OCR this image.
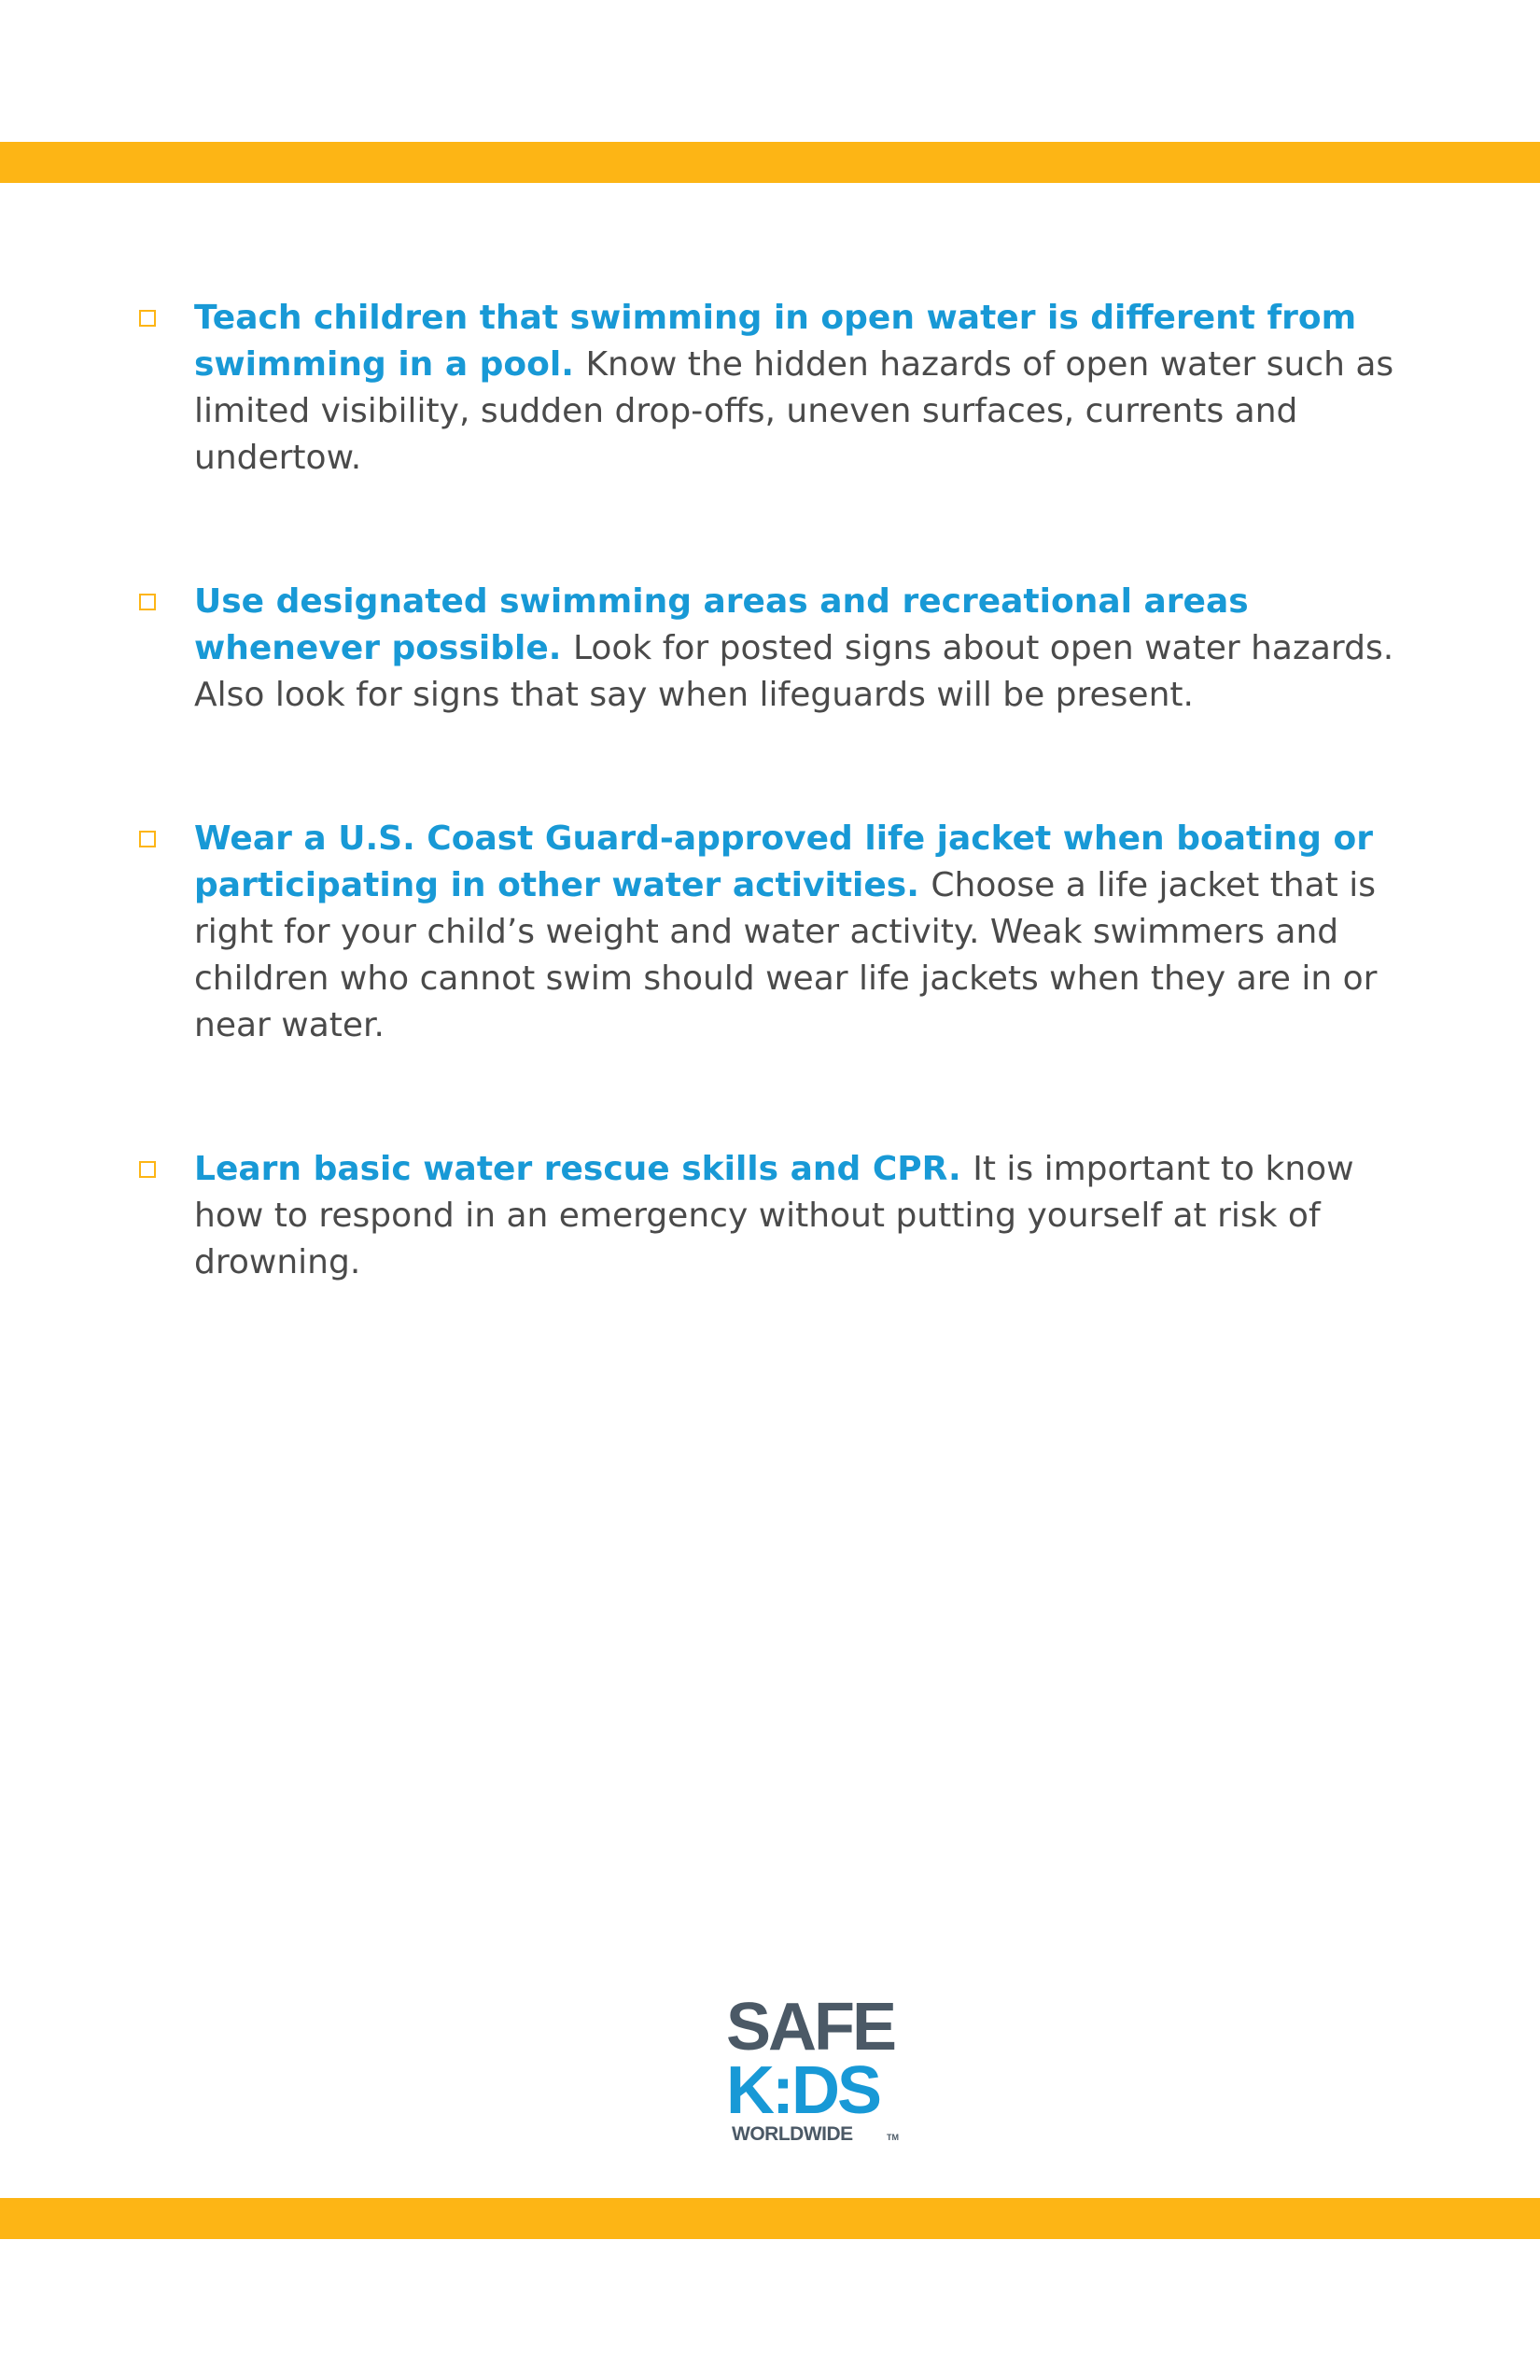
Teach children that swimming in open water is different from swimming in a pool. Know the hidden hazards of open water such as limited visibility, sudden drop-offs, uneven surfaces, currents and undertow.
Use designated swimming areas and recreational areas whenever possible. Look for posted signs about open water hazards. Also look for signs that say when lifeguards will be present.
Wear a U.S. Coast Guard-approved life jacket when boating or participating in other water activities. Choose a life jacket that is right for your child’s weight and water activity. Weak swimmers and children who cannot swim should wear life jackets when they are in or near water.
Learn basic water rescue skills and CPR. It is important to know how to respond in an emergency without putting yourself at risk of drowning.
SAFE
K:DS
WORLDWIDE	TM
